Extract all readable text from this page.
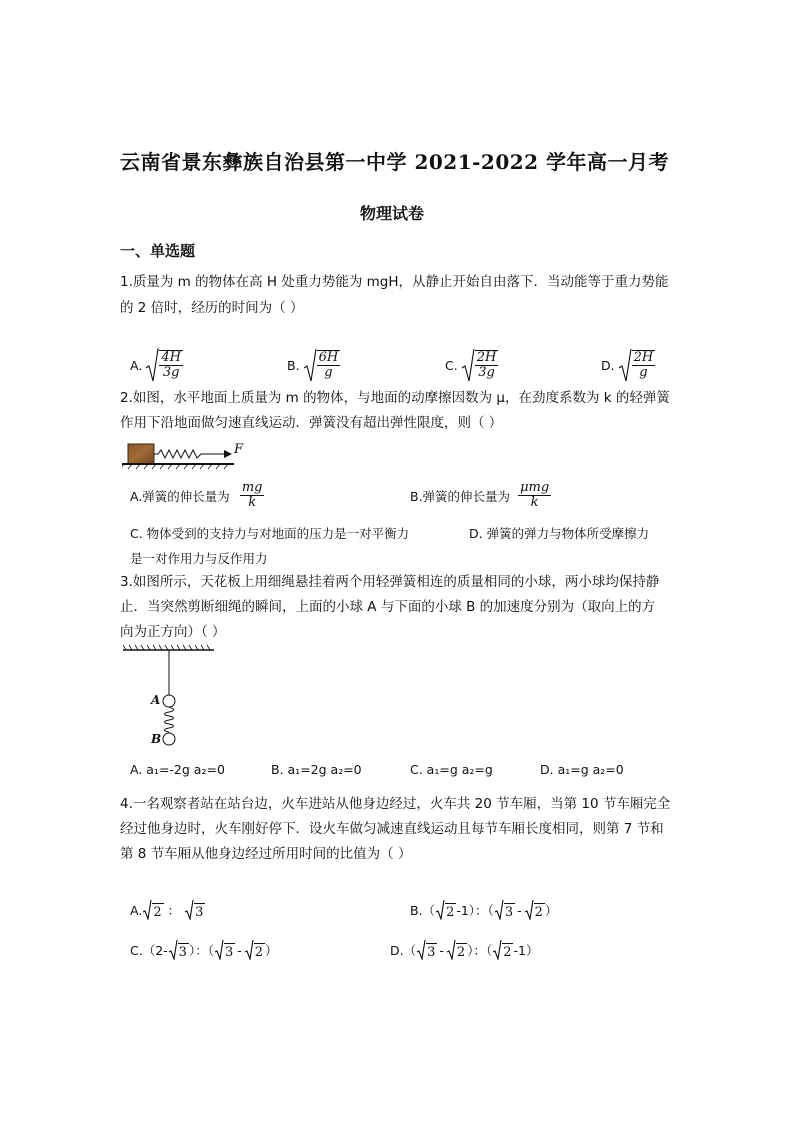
云南省景东彝族自治县第一中学 2021-2022 学年高一月考
物理试卷
一、单选题
1.质量为 m 的物体在高 H 处重力势能为 mgH，从静止开始自由落下．当动能等于重力势能
的 2 倍时，经历的时间为（ ）
A. $\frac{4H}{3g}$	B. $\frac{6H}{g}$	C. $\frac{2H}{3g}$	D. $\frac{2H}{g}$
2.如图，水平地面上质量为 m 的物体，与地面的动摩擦因数为 μ，在劲度系数为 k 的轻弹簧
作用下沿地面做匀速直线运动．弹簧没有超出弹性限度，则（ ）
F
A.弹簧的伸长量为 $\frac{mg}{k}$	B.弹簧的伸长量为 $\frac{\text{μmg}}{k}$
C. 物体受到的支持力与对地面的压力是一对平衡力	D. 弹簧的弹力与物体所受摩擦力
是一对作用力与反作用力
3.如图所示，天花板上用细绳悬挂着两个用轻弹簧相连的质量相同的小球，两小球均保持静
止．当突然剪断细绳的瞬间，上面的小球 A 与下面的小球 B 的加速度分别为（取向上的方
向为正方向）（ ）
A
B
A. a₁=-2g a₂=0	B. a₁=2g a₂=0	C. a₁=g a₂=g	D. a₁=g a₂=0
4.一名观察者站在站台边，火车进站从他身边经过，火车共 20 节车厢，当第 10 节车厢完全
经过他身边时，火车刚好停下．设火车做匀减速直线运动且每节车厢长度相同，则第 7 节和
第 8 节车厢从他身边经过所用时间的比值为（ ）
A. 2 ： 3	B.（ 2 -1）：（ 3 - 2 ）
C.（2- 3 ）：（ 3 - 2 ）	D.（ 3 - 2 ）：（ 2 -1）
